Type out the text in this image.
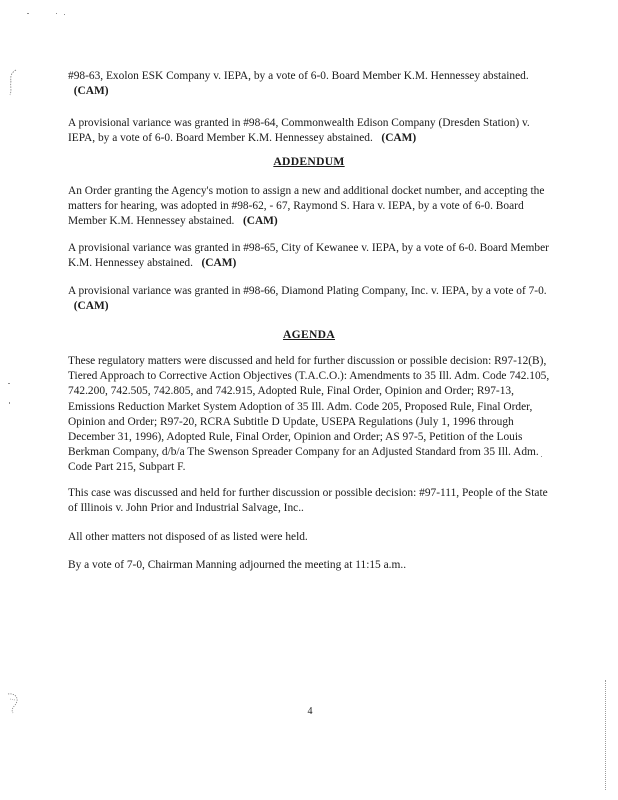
#98-63, Exolon ESK Company v. IEPA, by a vote of 6-0. Board Member K.M. Hennessey abstained.   (CAM)
A provisional variance was granted in #98-64, Commonwealth Edison Company (Dresden Station) v. IEPA, by a vote of 6-0. Board Member K.M. Hennessey abstained. (CAM)
ADDENDUM
An Order granting the Agency's motion to assign a new and additional docket number, and accepting the matters for hearing, was adopted in #98-62, - 67, Raymond S. Hara v. IEPA, by a vote of 6-0. Board Member K.M. Hennessey abstained. (CAM)
A provisional variance was granted in #98-65, City of Kewanee v. IEPA, by a vote of 6-0. Board Member K.M. Hennessey abstained. (CAM)
A provisional variance was granted in #98-66, Diamond Plating Company, Inc. v. IEPA, by a vote of 7-0.   (CAM)
AGENDA
These regulatory matters were discussed and held for further discussion or possible decision: R97-12(B), Tiered Approach to Corrective Action Objectives (T.A.C.O.): Amendments to 35 Ill. Adm. Code 742.105, 742.200, 742.505, 742.805, and 742.915, Adopted Rule, Final Order, Opinion and Order; R97-13, Emissions Reduction Market System Adoption of 35 Ill. Adm. Code 205, Proposed Rule, Final Order, Opinion and Order; R97-20, RCRA Subtitle D Update, USEPA Regulations (July 1, 1996 through December 31, 1996), Adopted Rule, Final Order, Opinion and Order; AS 97-5, Petition of the Louis Berkman Company, d/b/a The Swenson Spreader Company for an Adjusted Standard from 35 Ill. Adm. Code Part 215, Subpart F.
This case was discussed and held for further discussion or possible decision: #97-111, People of the State of Illinois v. John Prior and Industrial Salvage, Inc..
All other matters not disposed of as listed were held.
By a vote of 7-0, Chairman Manning adjourned the meeting at 11:15 a.m..
4
